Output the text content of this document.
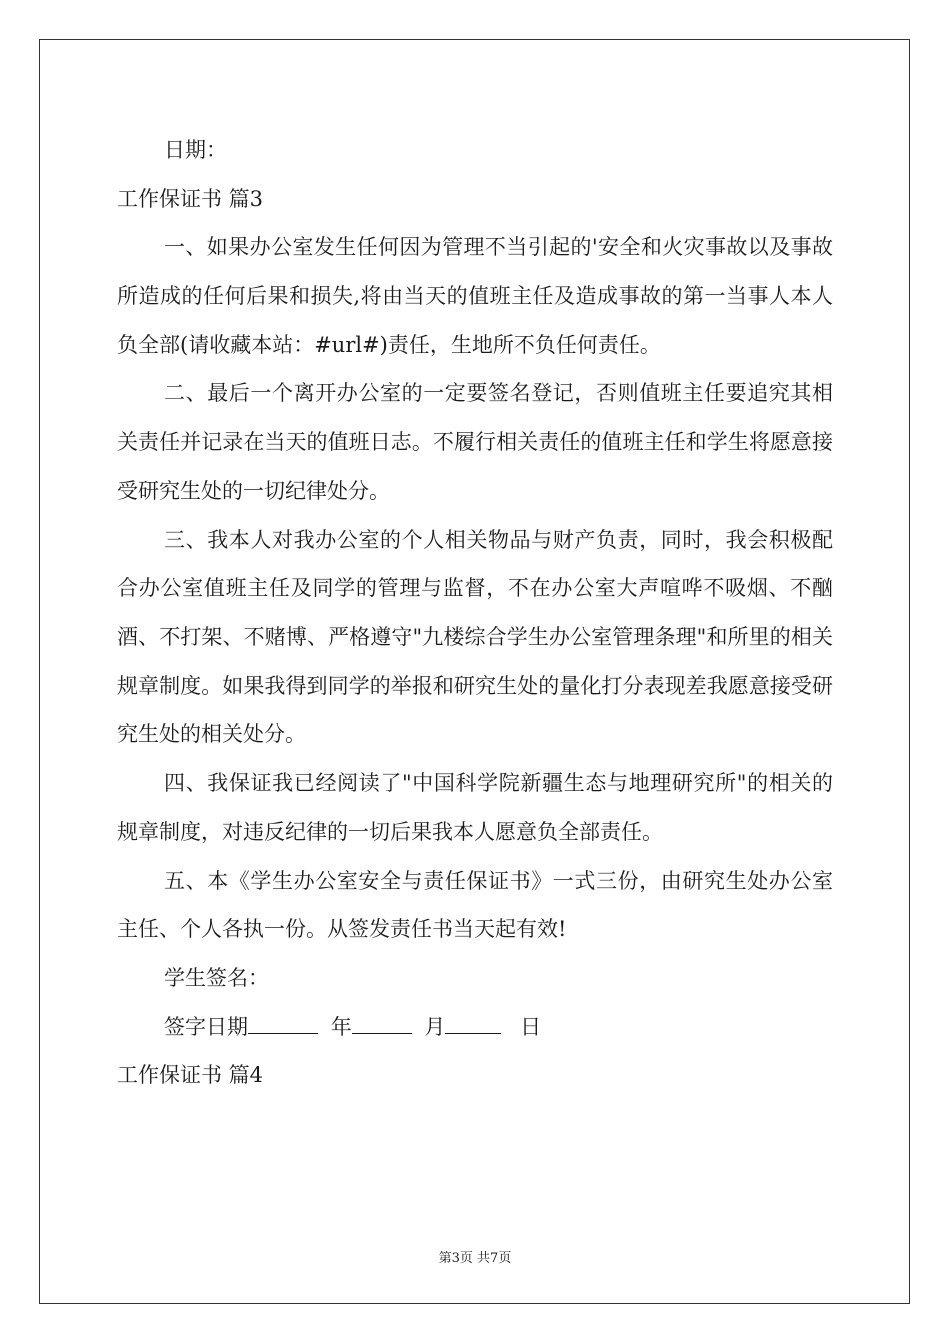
日期：
工作保证书 篇3
一、如果办公室发生任何因为管理不当引起的'安全和火灾事故以及事故所造成的任何后果和损失,将由当天的值班主任及造成事故的第一当事人本人负全部(请收藏本站：#url#)责任，生地所不负任何责任。
二、最后一个离开办公室的一定要签名登记，否则值班主任要追究其相关责任并记录在当天的值班日志。不履行相关责任的值班主任和学生将愿意接受研究生处的一切纪律处分。
三、我本人对我办公室的个人相关物品与财产负责，同时，我会积极配合办公室值班主任及同学的管理与监督，不在办公室大声喧哗不吸烟、不酗酒、不打架、不赌博、严格遵守"九楼综合学生办公室管理条理"和所里的相关规章制度。如果我得到同学的举报和研究生处的量化打分表现差我愿意接受研究生处的相关处分。
四、我保证我已经阅读了"中国科学院新疆生态与地理研究所"的相关的规章制度，对违反纪律的一切后果我本人愿意负全部责任。
五、本《学生办公室安全与责任保证书》一式三份，由研究生处办公室主任、个人各执一份。从签发责任书当天起有效!
学生签名：
签字日期	年	月	日
工作保证书 篇4
第3页 共7页
